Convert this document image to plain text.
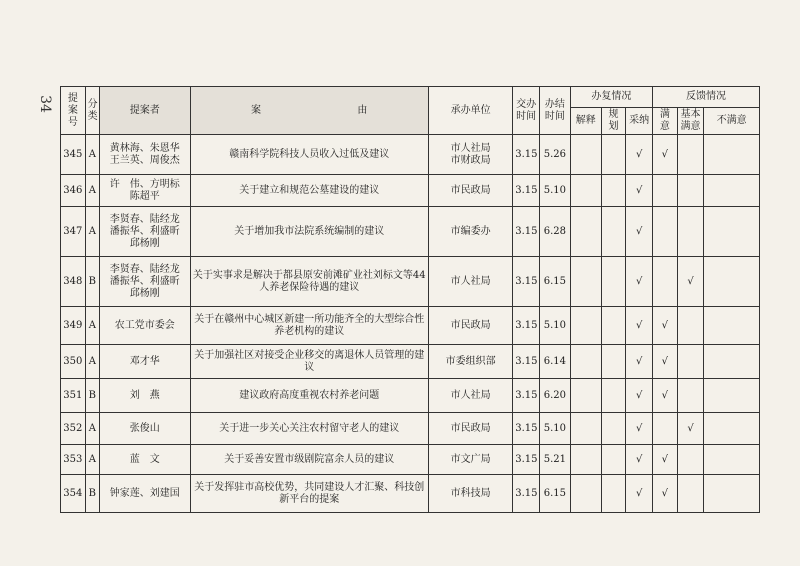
34 提案号	分类	提案者	案 由	承办单位	交办时间	办结时间	办复情况			反馈情况		
							解释	规划	采纳	满意	基本满意	不满意
345	A	黄林海、朱恩华
王兰英、周俊杰	赣南科学院科技人员收入过低及建议	市人社局
市财政局	3.15	5.26			√	√		
346	A	许　伟、方明标
陈超平	关于建立和规范公墓建设的建议	市民政局	3.15	5.10			√			
347	A	李贤春、陆经龙
潘振华、利盛昕
邱杨刚	关于增加我市法院系统编制的建议	市编委办	3.15	6.28			√			
348	B	李贤春、陆经龙
潘振华、利盛昕
邱杨刚	关于实事求是解决于都县原安前滩矿业社刘标文等44人养老保险待遇的建议	市人社局	3.15	6.15			√		√	
349	A	农工党市委会	关于在赣州中心城区新建一所功能齐全的大型综合性养老机构的建议	市民政局	3.15	5.10			√	√		
350	A	邓才华	关于加强社区对接受企业移交的离退休人员管理的建议	市委组织部	3.15	6.14			√	√		
351	B	刘　燕	建议政府高度重视农村养老问题	市人社局	3.15	6.20			√	√		
352	A	张俊山	关于进一步关心关注农村留守老人的建议	市民政局	3.15	5.10			√		√	
353	A	蓝　文	关于妥善安置市级剧院富余人员的建议	市文广局	3.15	5.21			√	√		
354	B	钟家莲、刘建国	关于发挥驻市高校优势，共同建设人才汇聚、科技创新平台的提案	市科技局	3.15	6.15			√	√		
